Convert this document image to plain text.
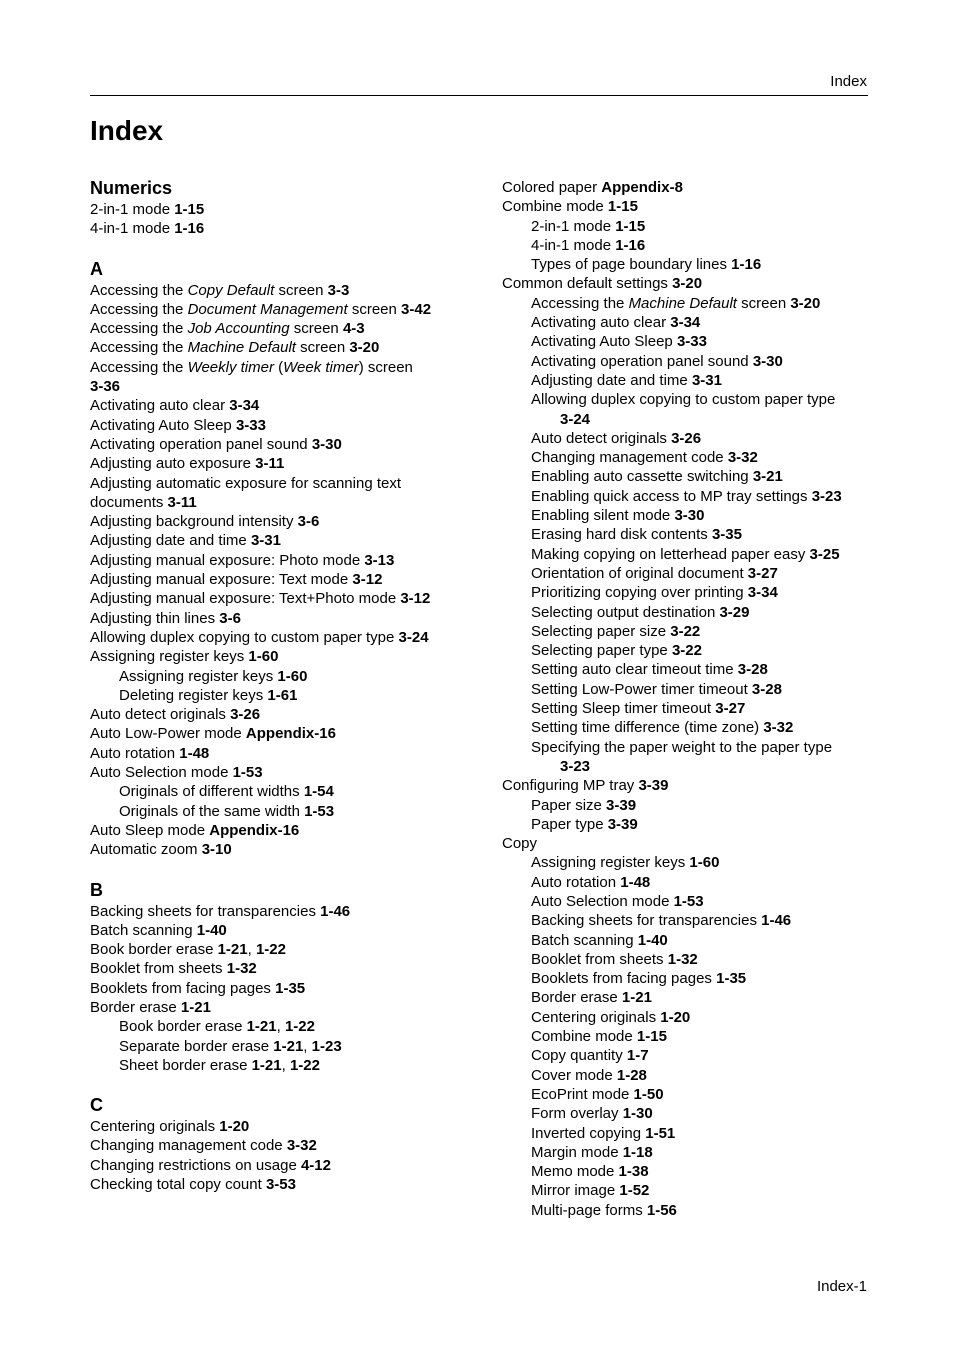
Index
Index
Numerics
2-in-1 mode 1-15
4-in-1 mode 1-16
A
Accessing the Copy Default screen 3-3
Accessing the Document Management screen 3-42
Accessing the Job Accounting screen 4-3
Accessing the Machine Default screen 3-20
Accessing the Weekly timer (Week timer) screen
3-36
Activating auto clear 3-34
Activating Auto Sleep 3-33
Activating operation panel sound 3-30
Adjusting auto exposure 3-11
Adjusting automatic exposure for scanning text
documents 3-11
Adjusting background intensity 3-6
Adjusting date and time 3-31
Adjusting manual exposure: Photo mode 3-13
Adjusting manual exposure: Text mode 3-12
Adjusting manual exposure: Text+Photo mode 3-12
Adjusting thin lines 3-6
Allowing duplex copying to custom paper type 3-24
Assigning register keys 1-60
Assigning register keys 1-60
Deleting register keys 1-61
Auto detect originals 3-26
Auto Low-Power mode Appendix-16
Auto rotation 1-48
Auto Selection mode 1-53
Originals of different widths 1-54
Originals of the same width 1-53
Auto Sleep mode Appendix-16
Automatic zoom 3-10
B
Backing sheets for transparencies 1-46
Batch scanning 1-40
Book border erase 1-21, 1-22
Booklet from sheets 1-32
Booklets from facing pages 1-35
Border erase 1-21
Book border erase 1-21, 1-22
Separate border erase 1-21, 1-23
Sheet border erase 1-21, 1-22
C
Centering originals 1-20
Changing management code 3-32
Changing restrictions on usage 4-12
Checking total copy count 3-53
Colored paper Appendix-8
Combine mode 1-15
2-in-1 mode 1-15
4-in-1 mode 1-16
Types of page boundary lines 1-16
Common default settings 3-20
Accessing the Machine Default screen 3-20
Activating auto clear 3-34
Activating Auto Sleep 3-33
Activating operation panel sound 3-30
Adjusting date and time 3-31
Allowing duplex copying to custom paper type
3-24
Auto detect originals 3-26
Changing management code 3-32
Enabling auto cassette switching 3-21
Enabling quick access to MP tray settings 3-23
Enabling silent mode 3-30
Erasing hard disk contents 3-35
Making copying on letterhead paper easy 3-25
Orientation of original document 3-27
Prioritizing copying over printing 3-34
Selecting output destination 3-29
Selecting paper size 3-22
Selecting paper type 3-22
Setting auto clear timeout time 3-28
Setting Low-Power timer timeout 3-28
Setting Sleep timer timeout 3-27
Setting time difference (time zone) 3-32
Specifying the paper weight to the paper type
3-23
Configuring MP tray 3-39
Paper size 3-39
Paper type 3-39
Copy
Assigning register keys 1-60
Auto rotation 1-48
Auto Selection mode 1-53
Backing sheets for transparencies 1-46
Batch scanning 1-40
Booklet from sheets 1-32
Booklets from facing pages 1-35
Border erase 1-21
Centering originals 1-20
Combine mode 1-15
Copy quantity 1-7
Cover mode 1-28
EcoPrint mode 1-50
Form overlay 1-30
Inverted copying 1-51
Margin mode 1-18
Memo mode 1-38
Mirror image 1-52
Multi-page forms 1-56
Index-1
